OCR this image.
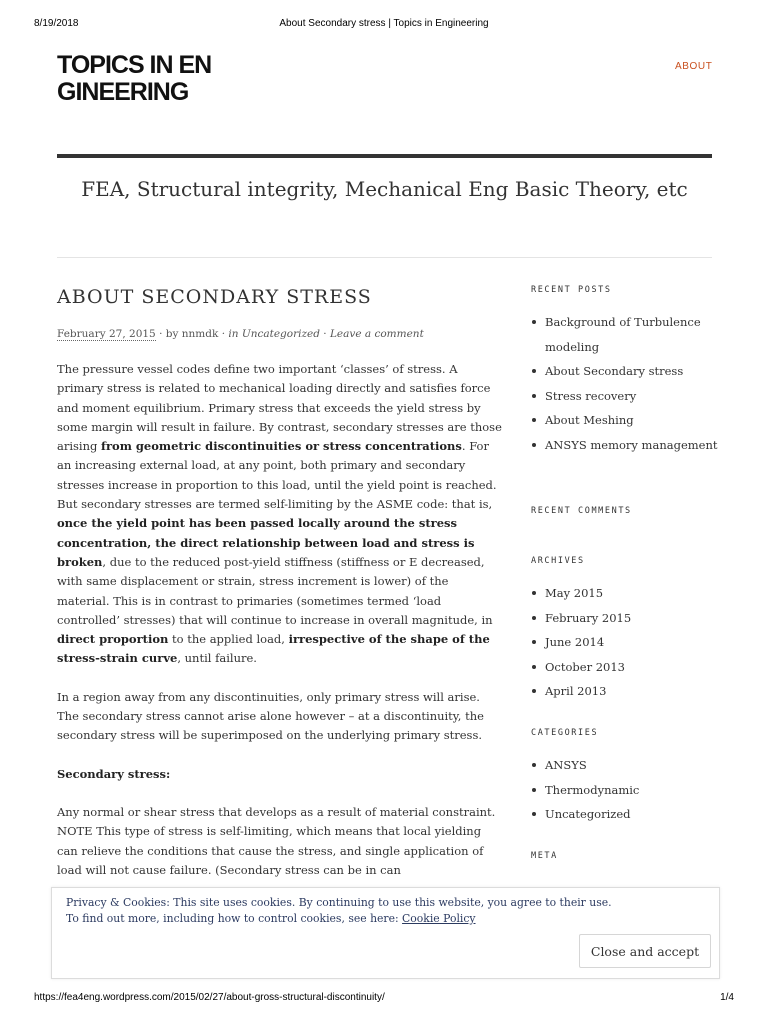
8/19/2018	About Secondary stress | Topics in Engineering
TOPICS IN ENGINEERING
ABOUT
FEA, Structural integrity, Mechanical Eng Basic Theory, etc
ABOUT SECONDARY STRESS
February 27, 2015 · by nnmdk · in Uncategorized · Leave a comment

The pressure vessel codes define two important ‘classes’ of stress. A primary stress is related to mechanical loading directly and satisfies force and moment equilibrium. Primary stress that exceeds the yield stress by some margin will result in failure. By contrast, secondary stresses are those arising from geometric discontinuities or stress concentrations. For an increasing external load, at any point, both primary and secondary stresses increase in proportion to this load, until the yield point is reached. But secondary stresses are termed self-limiting by the ASME code: that is, once the yield point has been passed locally around the stress concentration, the direct relationship between load and stress is broken, due to the reduced post-yield stiffness (stiffness or E decreased, with same displacement or strain, stress increment is lower) of the material. This is in contrast to primaries (sometimes termed ‘load controlled’ stresses) that will continue to increase in overall magnitude, in direct proportion to the applied load, irrespective of the shape of the stress-strain curve, until failure.

In a region away from any discontinuities, only primary stress will arise. The secondary stress cannot arise alone however – at a discontinuity, the secondary stress will be superimposed on the underlying primary stress.

Secondary stress:

Any normal or shear stress that develops as a result of material constraint. NOTE This type of stress is self-limiting, which means that local yielding can relieve the conditions that cause the stress, and single application of load will not cause failure. (Secondary stress can be in can

RECENT POSTS
Background of Turbulence modeling
About Secondary stress
Stress recovery
About Meshing
ANSYS memory management
RECENT COMMENTS
ARCHIVES
May 2015
February 2015
June 2014
October 2013
April 2013
CATEGORIES
ANSYS
Thermodynamic
Uncategorized
META
Privacy & Cookies: This site uses cookies. By continuing to use this website, you agree to their use.
To find out more, including how to control cookies, see here: Cookie Policy
Close and accept
https://fea4eng.wordpress.com/2015/02/27/about-gross-structural-discontinuity/	1/4
